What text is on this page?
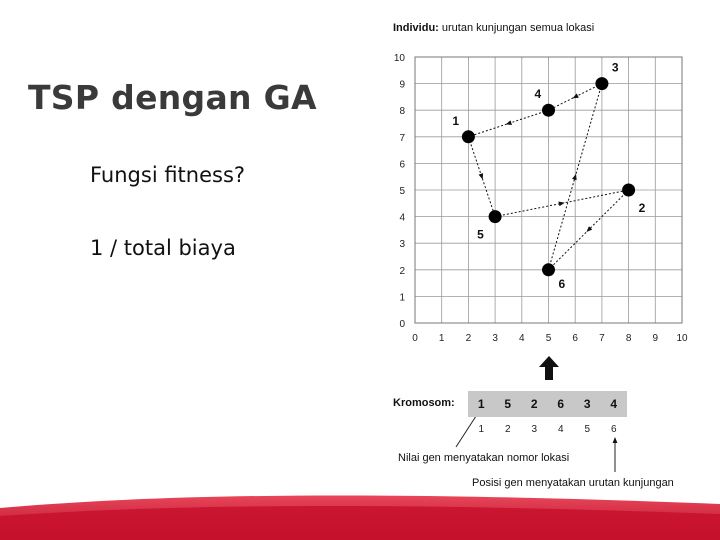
TSP dengan GA
Fungsi fitness?
1 / total biaya
Individu: urutan kunjungan semua lokasi
0 1 2 3 4 5 6 7 8 9 10
0
1
2
3
4
5
6
7
8
9
10
1
2
3
4
5
6
Kromosom:	1	5	2	6	3	4
1	2	3	4	5	6
Nilai gen menyatakan nomor lokasi
Posisi gen menyatakan urutan kunjungan
